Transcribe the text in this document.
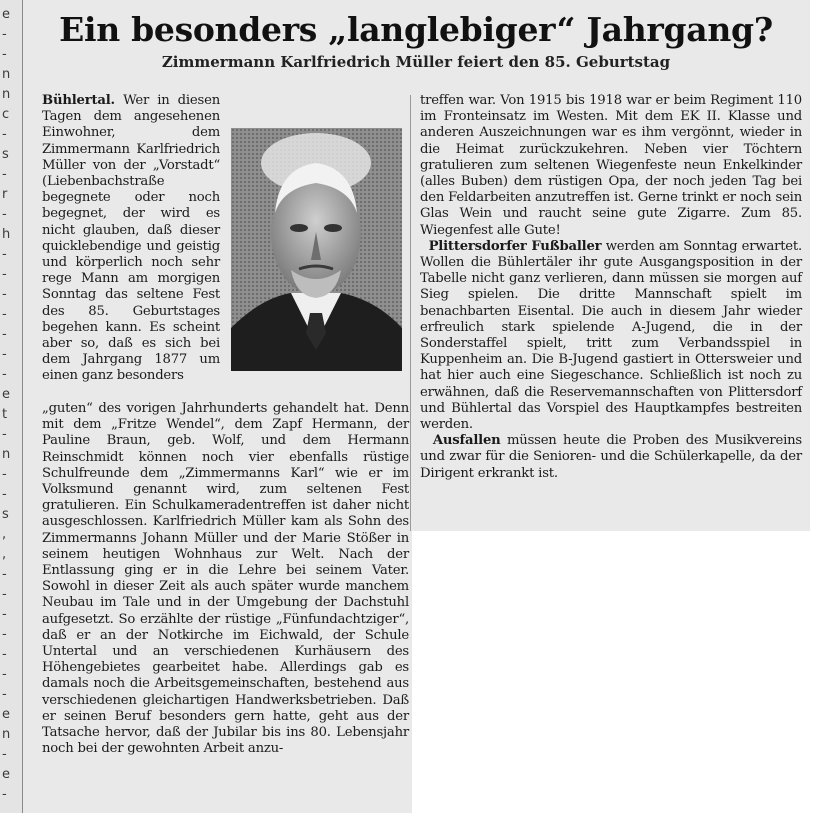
e
-
-
n
n
c
-
s
-
r
-
h
-
-
-
-
-
-
-
e
t
-
n
-
-
s
,
,
-
-
-
-
-
-
-
e
n
-
e
-
Ein besonders „langlebiger“ Jahrgang?
Zimmermann Karlfriedrich Müller feiert den 85. Geburtstag

Bühlertal. Wer in diesen Tagen dem angesehenen Einwohner, dem Zimmermann Karlfriedrich Müller von der „Vorstadt“ (Liebenbachstraße begegnete oder noch begegnet, der wird es nicht glauben, daß dieser quicklebendige und geistig und körperlich noch sehr rege Mann am morgigen Sonntag das seltene Fest des 85. Geburtstages begehen kann. Es scheint aber so, daß es sich bei dem Jahrgang 1877 um einen ganz besonders

„guten“ des vorigen Jahrhunderts gehandelt hat. Denn mit dem „Fritze Wendel“, dem Zapf Hermann, der Pauline Braun, geb. Wolf, und dem Hermann Reinschmidt können noch vier ebenfalls rüstige Schulfreunde dem „Zimmermanns Karl“ wie er im Volksmund genannt wird, zum seltenen Fest gratulieren. Ein Schulkameradentreffen ist daher nicht ausgeschlossen. Karlfriedrich Müller kam als Sohn des Zimmermanns Johann Müller und der Marie Stößer in seinem heutigen Wohnhaus zur Welt. Nach der Entlassung ging er in die Lehre bei seinem Vater. Sowohl in dieser Zeit als auch später wurde manchem Neubau im Tale und in der Umgebung der Dachstuhl aufgesetzt. So erzählte der rüstige „Fünfundachtziger“, daß er an der Notkirche im Eichwald, der Schule Untertal und an verschiedenen Kurhäusern des Höhengebietes gearbeitet habe. Allerdings gab es damals noch die Arbeitsgemeinschaften, bestehend aus verschiedenen gleichartigen Handwerksbetrieben. Daß er seinen Beruf besonders gern hatte, geht aus der Tatsache hervor, daß der Jubilar bis ins 80. Lebensjahr noch bei der gewohnten Arbeit anzu-

treffen war. Von 1915 bis 1918 war er beim Regiment 110 im Fronteinsatz im Westen. Mit dem EK II. Klasse und anderen Auszeichnungen war es ihm vergönnt, wieder in die Heimat zurückzukehren. Neben vier Töchtern gratulieren zum seltenen Wiegenfeste neun Enkelkinder (alles Buben) dem rüstigen Opa, der noch jeden Tag bei den Feldarbeiten anzutreffen ist. Gerne trinkt er noch sein Glas Wein und raucht seine gute Zigarre. Zum 85. Wiegenfest alle Gute!

Plittersdorfer Fußballer werden am Sonntag erwartet. Wollen die Bühlertäler ihr gute Ausgangsposition in der Tabelle nicht ganz verlieren, dann müssen sie morgen auf Sieg spielen. Die dritte Mannschaft spielt im benachbarten Eisental. Die auch in diesem Jahr wieder erfreulich stark spielende A-Jugend, die in der Sonderstaffel spielt, tritt zum Verbandsspiel in Kuppenheim an. Die B-Jugend gastiert in Ottersweier und hat hier auch eine Siegeschance. Schließlich ist noch zu erwähnen, daß die Reservemannschaften von Plittersdorf und Bühlertal das Vorspiel des Hauptkampfes bestreiten werden.

Ausfallen müssen heute die Proben des Musikvereins und zwar für die Senioren- und die Schülerkapelle, da der Dirigent erkrankt ist.
